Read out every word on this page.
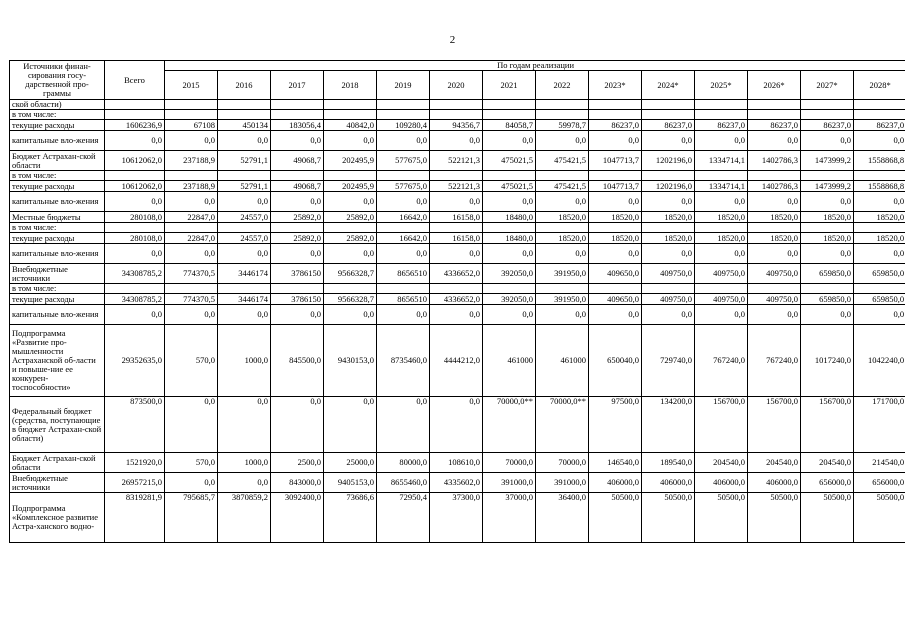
2
Источники финан-сирования госу-дарственной про-граммы	Всего	По годам реализации													
		2015	2016	2017	2018	2019	2020	2021	2022	2023*	2024*	2025*	2026*	2027*	2028*
ской области)															
в том числе:															
текущие расходы	1606236,9	67108	450134	183056,4	40842,0	109280,4	94356,7	84058,7	59978,7	86237,0	86237,0	86237,0	86237,0	86237,0	86237,0
капитальные вло-жения	0,0	0,0	0,0	0,0	0,0	0,0	0,0	0,0	0,0	0,0	0,0	0,0	0,0	0,0	0,0
Бюджет Астрахан-ской области	10612062,0	237188,9	52791,1	49068,7	202495,9	577675,0	522121,3	475021,5	475421,5	1047713,7	1202196,0	1334714,1	1402786,3	1473999,2	1558868,8
в том числе:															
текущие расходы	10612062,0	237188,9	52791,1	49068,7	202495,9	577675,0	522121,3	475021,5	475421,5	1047713,7	1202196,0	1334714,1	1402786,3	1473999,2	1558868,8
капитальные вло-жения	0,0	0,0	0,0	0,0	0,0	0,0	0,0	0,0	0,0	0,0	0,0	0,0	0,0	0,0	0,0
Местные бюджеты	280108,0	22847,0	24557,0	25892,0	25892,0	16642,0	16158,0	18480,0	18520,0	18520,0	18520,0	18520,0	18520,0	18520,0	18520,0
в том числе:															
текущие расходы	280108,0	22847,0	24557,0	25892,0	25892,0	16642,0	16158,0	18480,0	18520,0	18520,0	18520,0	18520,0	18520,0	18520,0	18520,0
капитальные вло-жения	0,0	0,0	0,0	0,0	0,0	0,0	0,0	0,0	0,0	0,0	0,0	0,0	0,0	0,0	0,0
Внебюджетные источники	34308785,2	774370,5	3446174	3786150	9566328,7	8656510	4336652,0	392050,0	391950,0	409650,0	409750,0	409750,0	409750,0	659850,0	659850,0
в том числе:															
текущие расходы	34308785,2	774370,5	3446174	3786150	9566328,7	8656510	4336652,0	392050,0	391950,0	409650,0	409750,0	409750,0	409750,0	659850,0	659850,0
капитальные вло-жения	0,0	0,0	0,0	0,0	0,0	0,0	0,0	0,0	0,0	0,0	0,0	0,0	0,0	0,0	0,0
Подпрограмма «Развитие про-мышленности Астраханской об-ласти и повыше-ние ее конкурен-тоспособности»	29352635,0	570,0	1000,0	845500,0	9430153,0	8735460,0	4444212,0	461000	461000	650040,0	729740,0	767240,0	767240,0	1017240,0	1042240,0
Федеральный бюджет (средства, поступающие в бюджет Астрахан-ской области)	873500,0	0,0	0,0	0,0	0,0	0,0	0,0	70000,0**	70000,0**	97500,0	134200,0	156700,0	156700,0	156700,0	171700,0
Бюджет Астрахан-ской области	1521920,0	570,0	1000,0	2500,0	25000,0	80000,0	108610,0	70000,0	70000,0	146540,0	189540,0	204540,0	204540,0	204540,0	214540,0
Внебюджетные источники	26957215,0	0,0	0,0	843000,0	9405153,0	8655460,0	4335602,0	391000,0	391000,0	406000,0	406000,0	406000,0	406000,0	656000,0	656000,0
Подпрограмма «Комплексное развитие Астра-ханского водно-	8319281,9	795685,7	3870859,2	3092400,0	73686,6	72950,4	37300,0	37000,0	36400,0	50500,0	50500,0	50500,0	50500,0	50500,0	50500,0
